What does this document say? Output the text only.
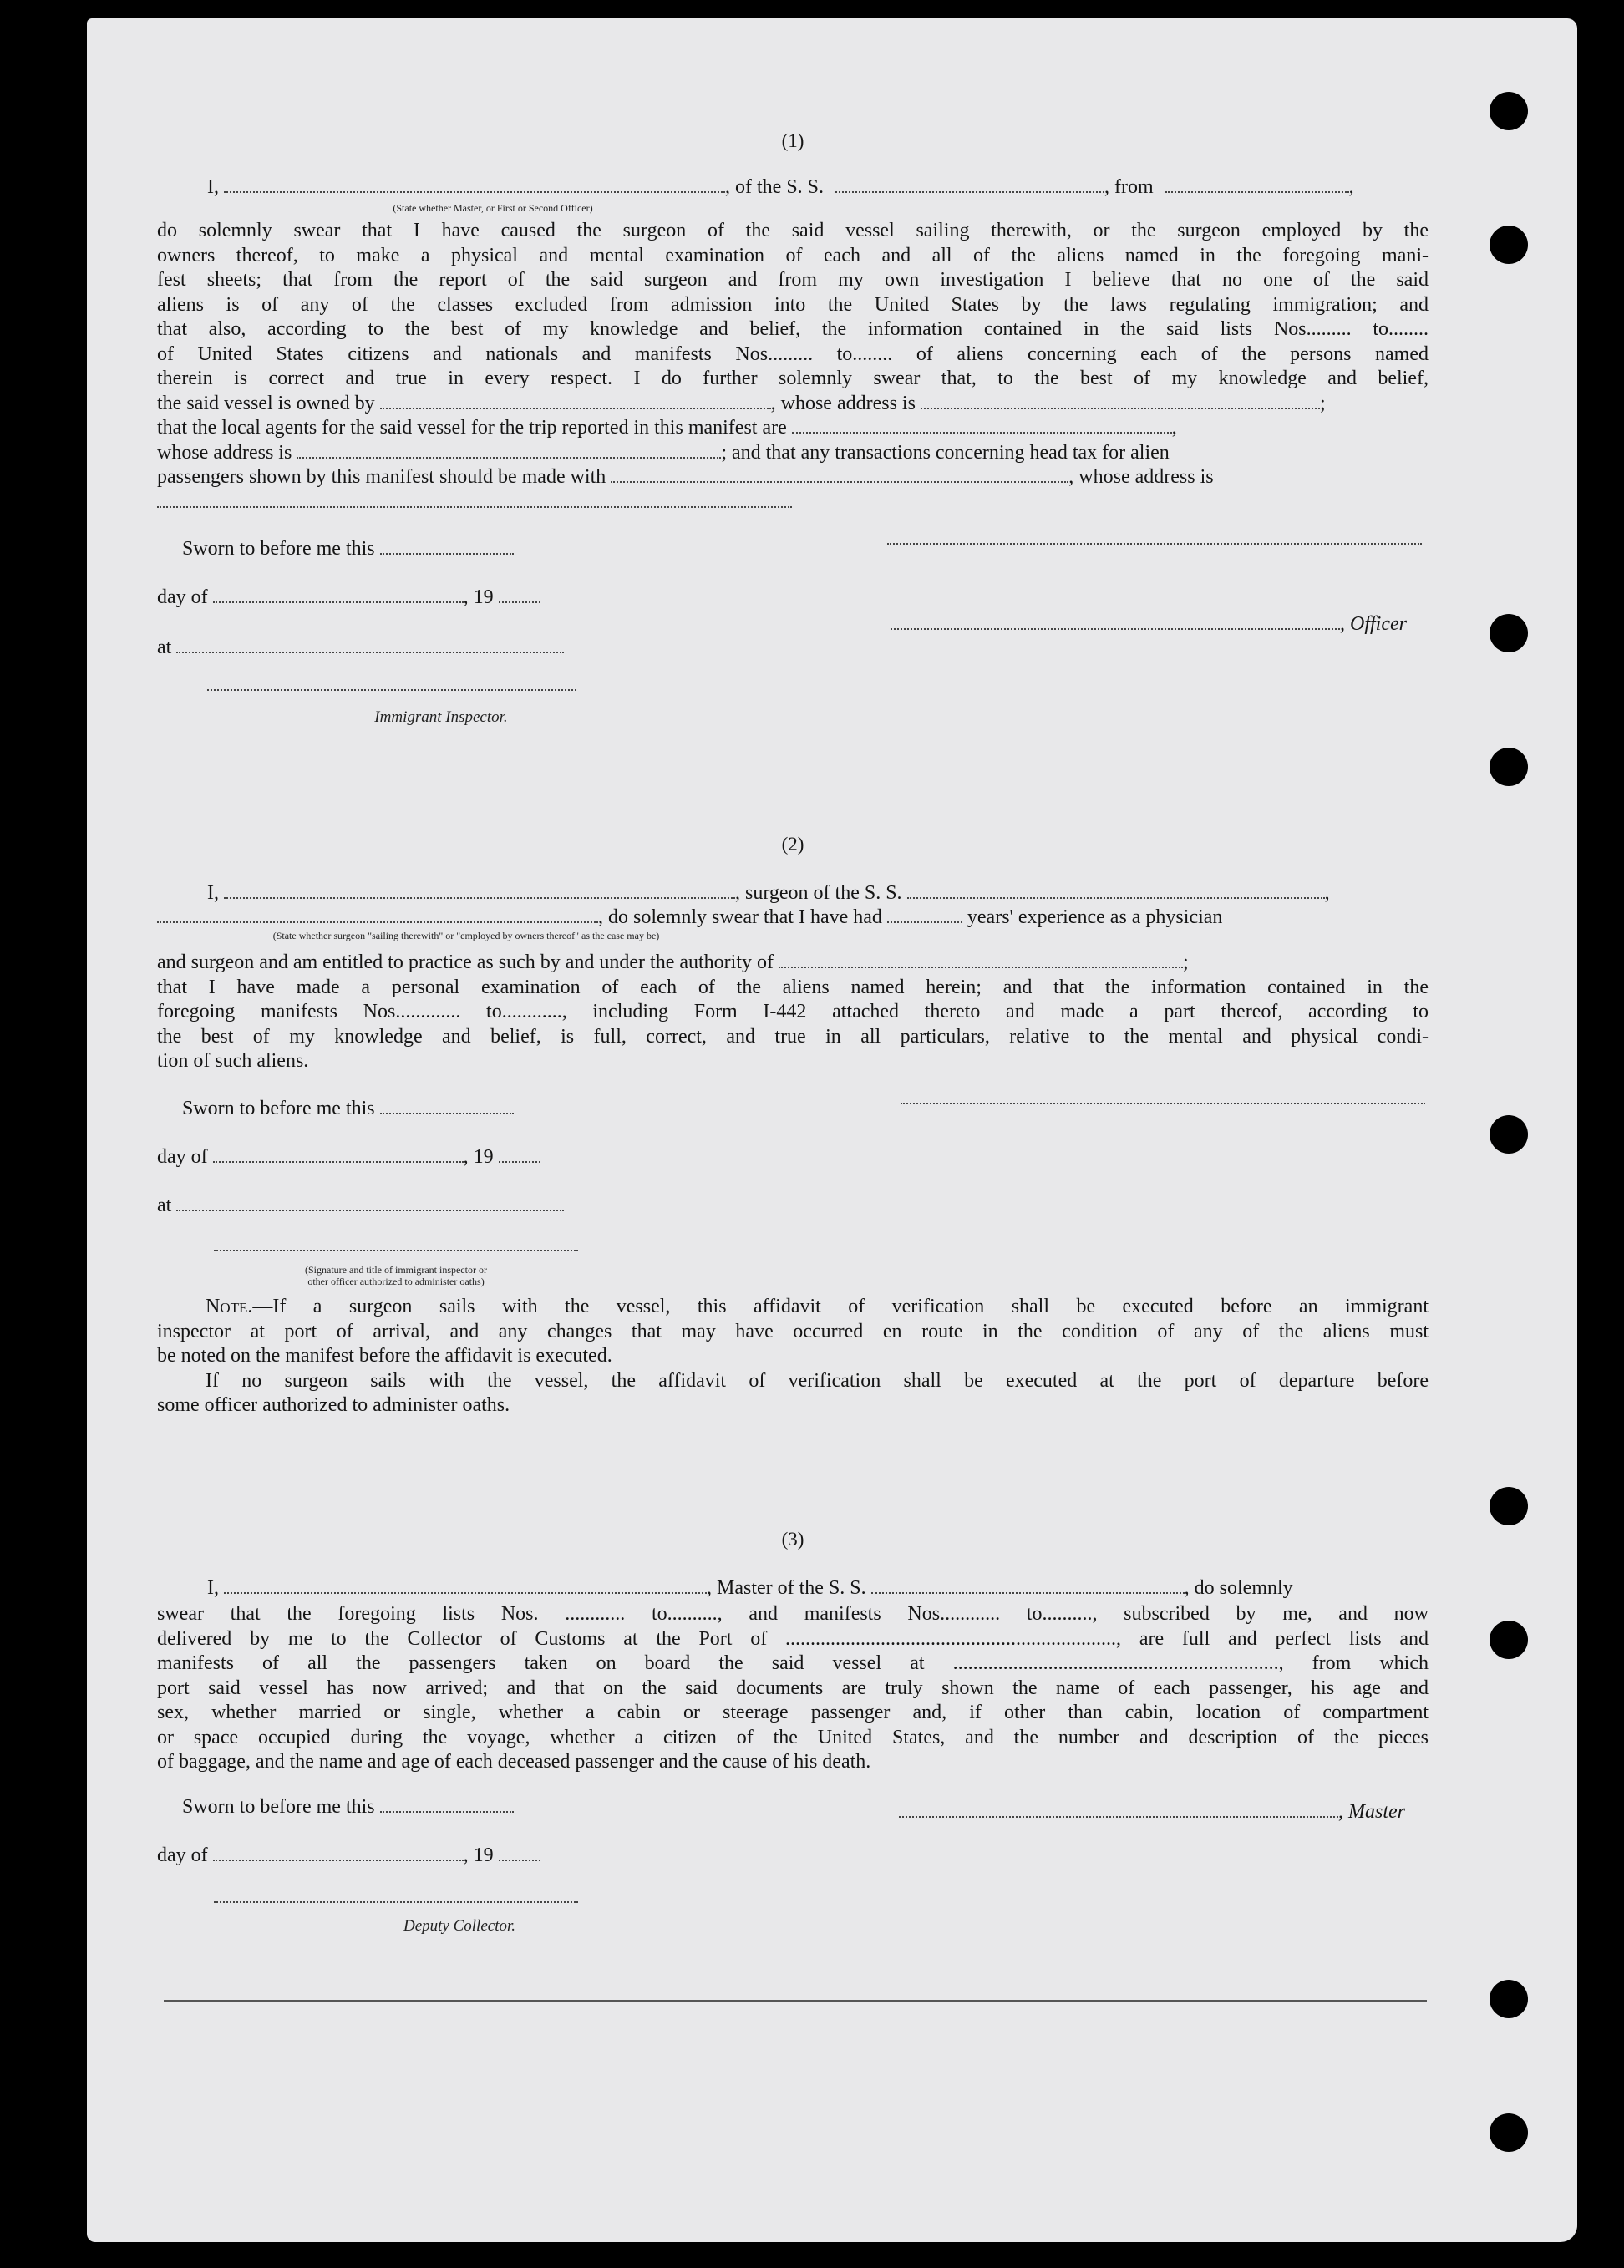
(1)
I,	, of the S. S.	, from	,
(State whether Master, or First or Second Officer)

do solemnly swear that I have caused the surgeon of the said vessel sailing therewith, or the surgeon employed by the

owners thereof, to make a physical and mental examination of each and all of the aliens named in the foregoing mani-

fest sheets; that from the report of the said surgeon and from my own investigation I believe that no one of the said

aliens is of any of the classes excluded from admission into the United States by the laws regulating immigration; and

that also, according to the best of my knowledge and belief, the information contained in the said lists Nos......... to........

of United States citizens and nationals and manifests Nos......... to........ of aliens concerning each of the persons named

therein is correct and true in every respect. I do further solemnly swear that, to the best of my knowledge and belief,

the said vessel is owned by	, whose address is	;
that the local agents for the said vessel for the trip reported in this manifest are	,
whose address is	; and that any transactions concerning head tax for alien
passengers shown by this manifest should be made with	, whose address is
Sworn to before me this
day of	, 19
, Officer
at
Immigrant Inspector.
(2)
I,	, surgeon of the S. S.	,
, do solemnly swear that I have had	years' experience as a physician
(State whether surgeon "sailing therewith" or "employed by owners thereof" as the case may be)
and surgeon and am entitled to practice as such by and under the authority of	;

that I have made a personal examination of each of the aliens named herein; and that the information contained in the

foregoing manifests Nos............. to............, including Form I-442 attached thereto and made a part thereof, according to

the best of my knowledge and belief, is full, correct, and true in all particulars, relative to the mental and physical condi-

tion of such aliens.

Sworn to before me this
day of	, 19
at
(Signature and title of immigrant inspector or
other officer authorized to administer oaths)

Note.—If a surgeon sails with the vessel, this affidavit of verification shall be executed before an immigrant

inspector at port of arrival, and any changes that may have occurred en route in the condition of any of the aliens must

be noted on the manifest before the affidavit is executed.

If no surgeon sails with the vessel, the affidavit of verification shall be executed at the port of departure before

some officer authorized to administer oaths.

(3)
I,	, Master of the S. S.	, do solemnly

swear that the foregoing lists Nos. ............ to.........., and manifests Nos............ to.........., subscribed by me, and now

delivered by me to the Collector of Customs at the Port of .................................................................., are full and perfect lists and

manifests of all the passengers taken on board the said vessel at ................................................................., from which

port said vessel has now arrived; and that on the said documents are truly shown the name of each passenger, his age and

sex, whether married or single, whether a cabin or steerage passenger and, if other than cabin, location of compartment

or space occupied during the voyage, whether a citizen of the United States, and the number and description of the pieces

of baggage, and the name and age of each deceased passenger and the cause of his death.

Sworn to before me this	, Master
day of	, 19
Deputy Collector.
